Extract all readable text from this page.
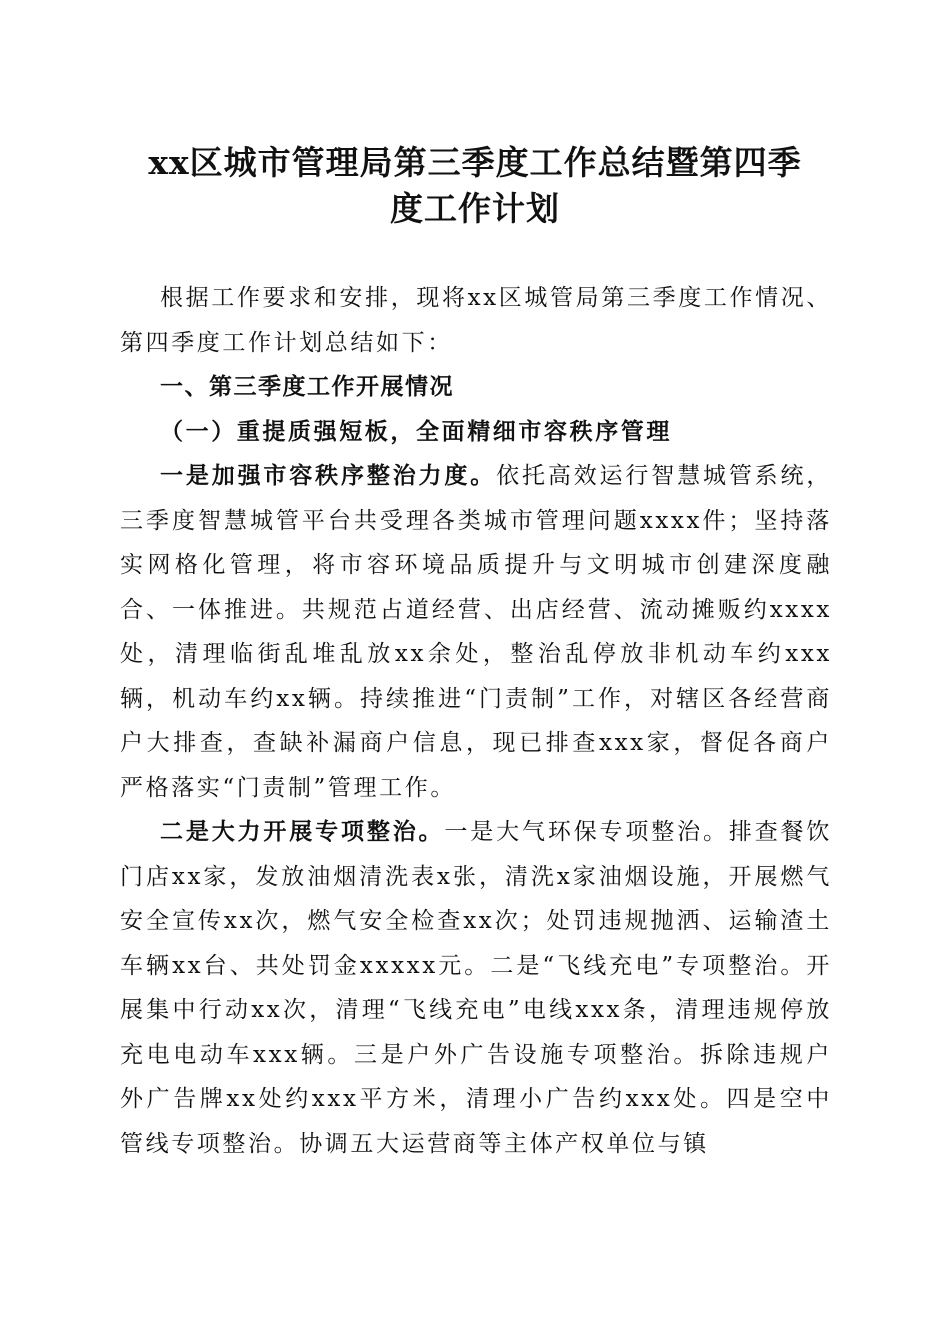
xx区城市管理局第三季度工作总结暨第四季
度工作计划

根据工作要求和安排，现将xx区城管局第三季度工作情况、第四季度工作计划总结如下：

一、第三季度工作开展情况

（一）重提质强短板，全面精细市容秩序管理

一是加强市容秩序整治力度。依托高效运行智慧城管系统，三季度智慧城管平台共受理各类城市管理问题xxxx件；坚持落实网格化管理，将市容环境品质提升与文明城市创建深度融合、一体推进。共规范占道经营、出店经营、流动摊贩约xxxx处，清理临街乱堆乱放xx余处，整治乱停放非机动车约xxx辆，机动车约xx辆。持续推进“门责制”工作，对辖区各经营商户大排查，查缺补漏商户信息，现已排查xxx家，督促各商户严格落实“门责制”管理工作。

二是大力开展专项整治。一是大气环保专项整治。排查餐饮门店xx家，发放油烟清洗表x张，清洗x家油烟设施，开展燃气安全宣传xx次，燃气安全检查xx次；处罚违规抛洒、运输渣土车辆xx台、共处罚金xxxxx元。二是“飞线充电”专项整治。开展集中行动xx次，清理“飞线充电”电线xxx条，清理违规停放充电电动车xxx辆。三是户外广告设施专项整治。拆除违规户外广告牌xx处约xxx平方米，清理小广告约xxx处。四是空中管线专项整治。协调五大运营商等主体产权单位与镇
